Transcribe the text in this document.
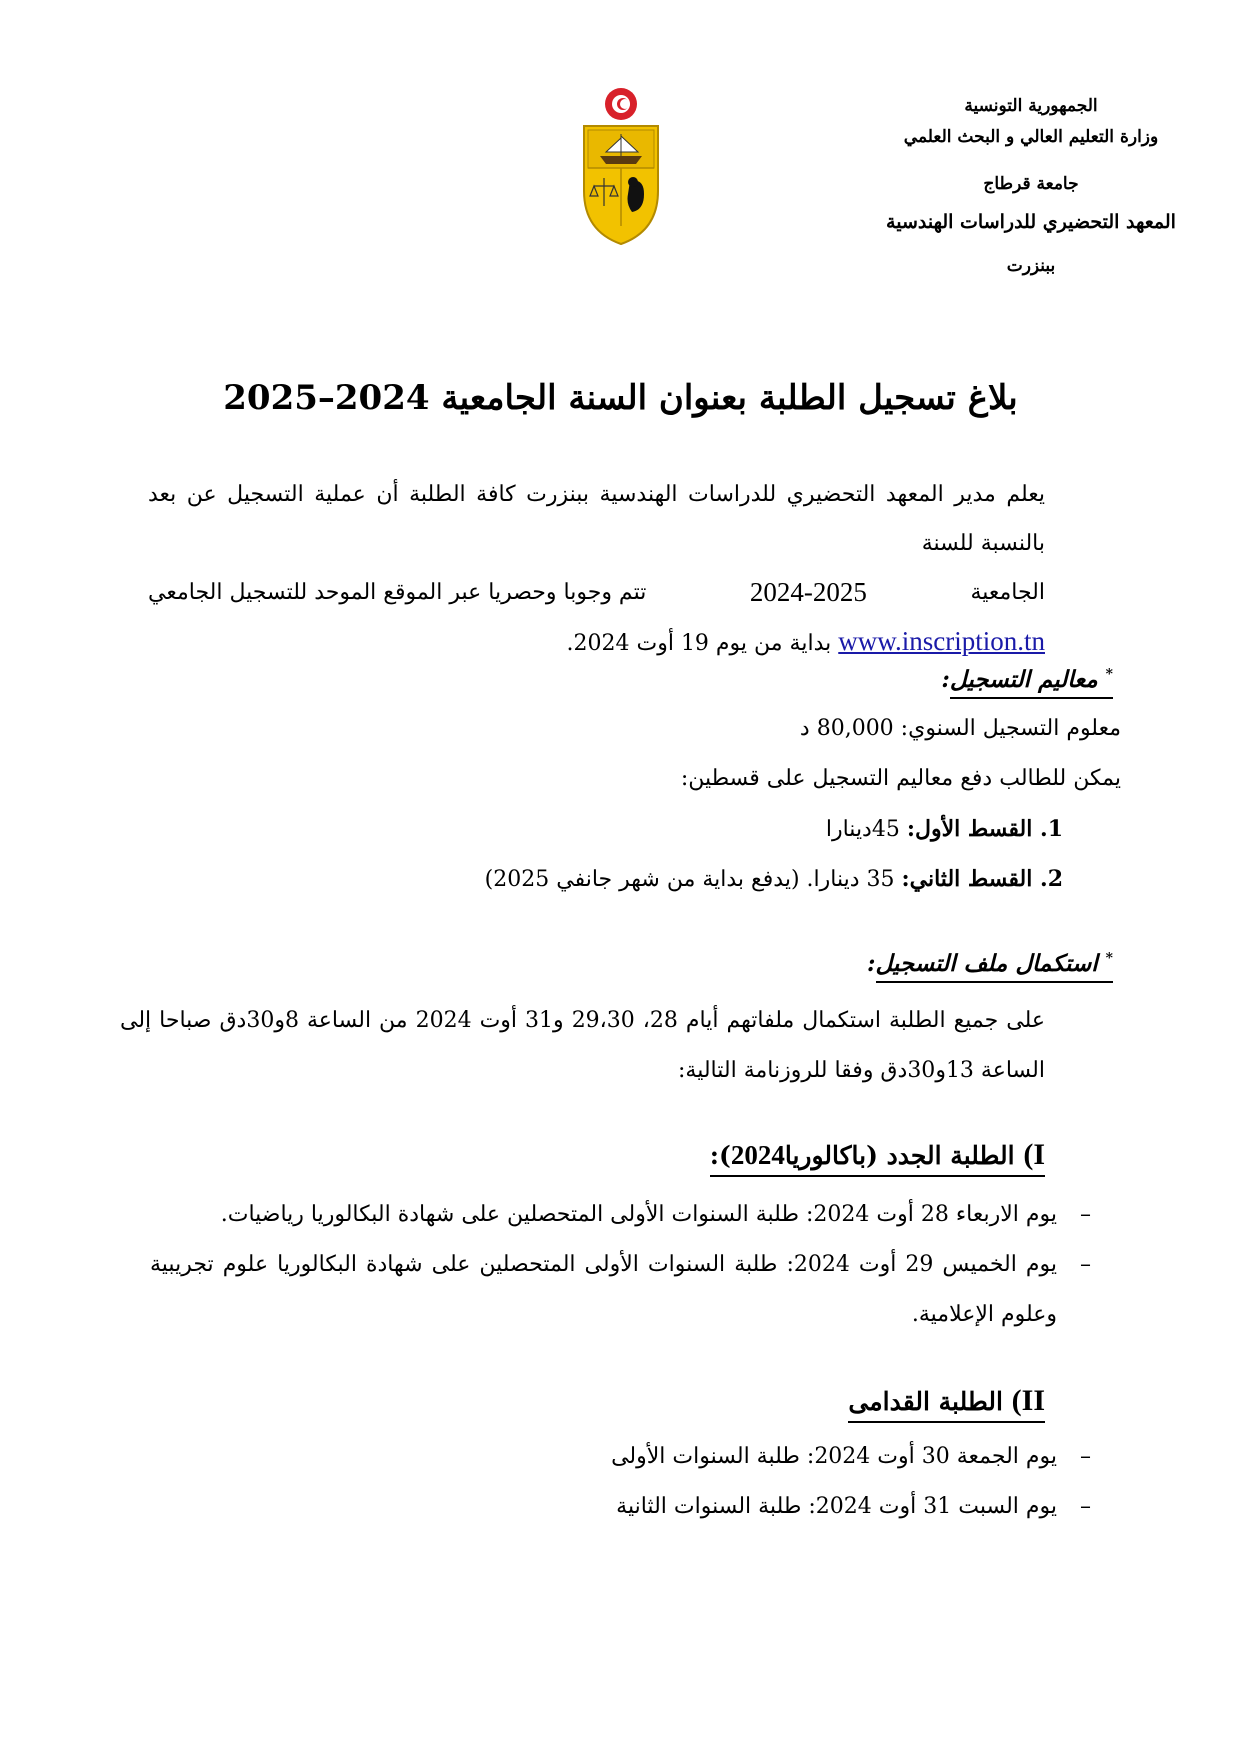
الجمهورية التونسية
وزارة التعليم العالي و البحث العلمي
جامعة قرطاج
المعهد التحضيري للدراسات الهندسية
ببنزرت
بلاغ تسجيل الطلبة بعنوان السنة الجامعية 2024–2025
يعلم مدير المعهد التحضيري للدراسات الهندسية ببنزرت كافة الطلبة أن عملية التسجيل عن بعد بالنسبة للسنة
الجامعية
2024-2025
تتم وجوبا وحصريا عبر الموقع الموحد للتسجيل الجامعي
www.inscription.tn بداية من يوم 19 أوت 2024.
* معاليم التسجيل:
معلوم التسجيل السنوي: 80,000 د
يمكن للطالب دفع معاليم التسجيل على قسطين:
1. القسط الأول: 45دينارا
2. القسط الثاني: 35 دينارا. (يدفع بداية من شهر جانفي 2025)
* استكمال ملف التسجيل:
على جميع الطلبة استكمال ملفاتهم أيام 28، 29،30 و31 أوت 2024 من الساعة 8و30دق صباحا إلى الساعة 13و30دق وفقا للروزنامة التالية:
I) الطلبة الجدد (باكالوريا2024):
– يوم الاربعاء 28 أوت 2024: طلبة السنوات الأولى المتحصلين على شهادة البكالوريا رياضيات.
– يوم الخميس 29 أوت 2024: طلبة السنوات الأولى المتحصلين على شهادة البكالوريا علوم تجريبية وعلوم الإعلامية.
II) الطلبة القدامى
– يوم الجمعة 30 أوت 2024: طلبة السنوات الأولى
– يوم السبت 31 أوت 2024: طلبة السنوات الثانية
